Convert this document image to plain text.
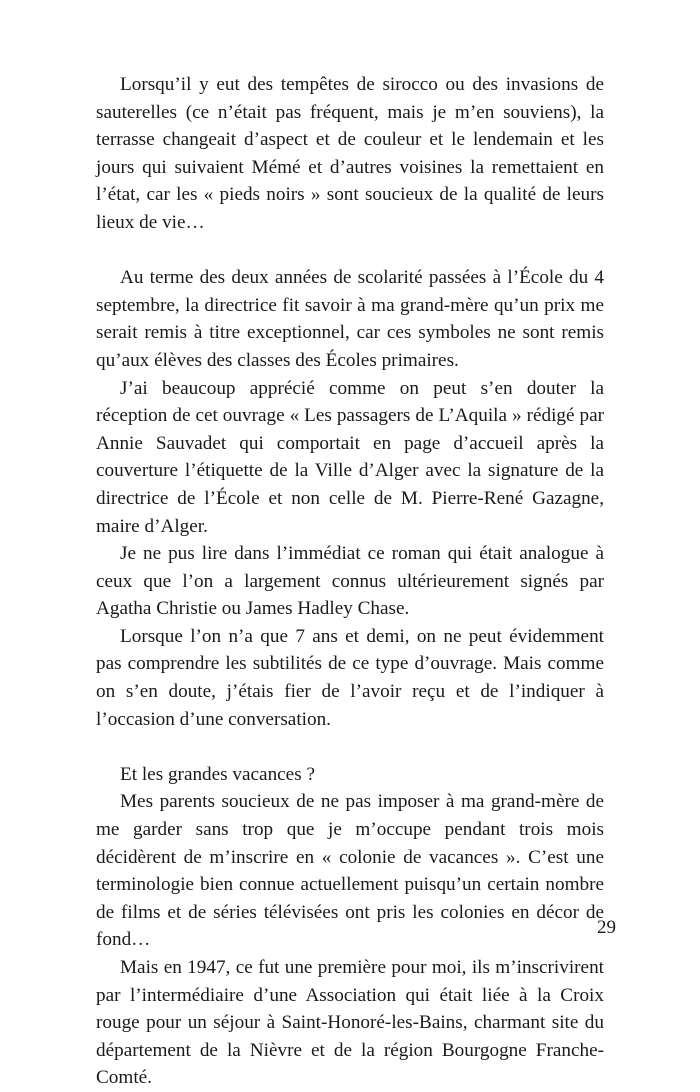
Lorsqu’il y eut des tempêtes de sirocco ou des invasions de sauterelles (ce n’était pas fréquent, mais je m’en souviens), la terrasse changeait d’aspect et de couleur et le lendemain et les jours qui suivaient Mémé et d’autres voisines la remettaient en l’état, car les « pieds noirs » sont soucieux de la qualité de leurs lieux de vie…

Au terme des deux années de scolarité passées à l’École du 4 septembre, la directrice fit savoir à ma grand-mère qu’un prix me serait remis à titre exceptionnel, car ces symboles ne sont remis qu’aux élèves des classes des Écoles primaires.

J’ai beaucoup apprécié comme on peut s’en douter la réception de cet ouvrage « Les passagers de L’Aquila » rédigé par Annie Sauvadet qui comportait en page d’accueil après la couverture l’étiquette de la Ville d’Alger avec la signature de la directrice de l’École et non celle de M. Pierre-René Gazagne, maire d’Alger.

Je ne pus lire dans l’immédiat ce roman qui était analogue à ceux que l’on a largement connus ultérieurement signés par Agatha Christie ou James Hadley Chase.

Lorsque l’on n’a que 7 ans et demi, on ne peut évidemment pas comprendre les subtilités de ce type d’ouvrage. Mais comme on s’en doute, j’étais fier de l’avoir reçu et de l’indiquer à l’occasion d’une conversation.

Et les grandes vacances ?

Mes parents soucieux de ne pas imposer à ma grand-mère de me garder sans trop que je m’occupe pendant trois mois décidèrent de m’inscrire en « colonie de vacances ». C’est une terminologie bien connue actuellement puisqu’un certain nombre de films et de séries télévisées ont pris les colonies en décor de fond…

Mais en 1947, ce fut une première pour moi, ils m’inscrivirent par l’intermédiaire d’une Association qui était liée à la Croix rouge pour un séjour à Saint-Honoré-les-Bains, charmant site du département de la Nièvre et de la région Bourgogne Franche-Comté.

29
